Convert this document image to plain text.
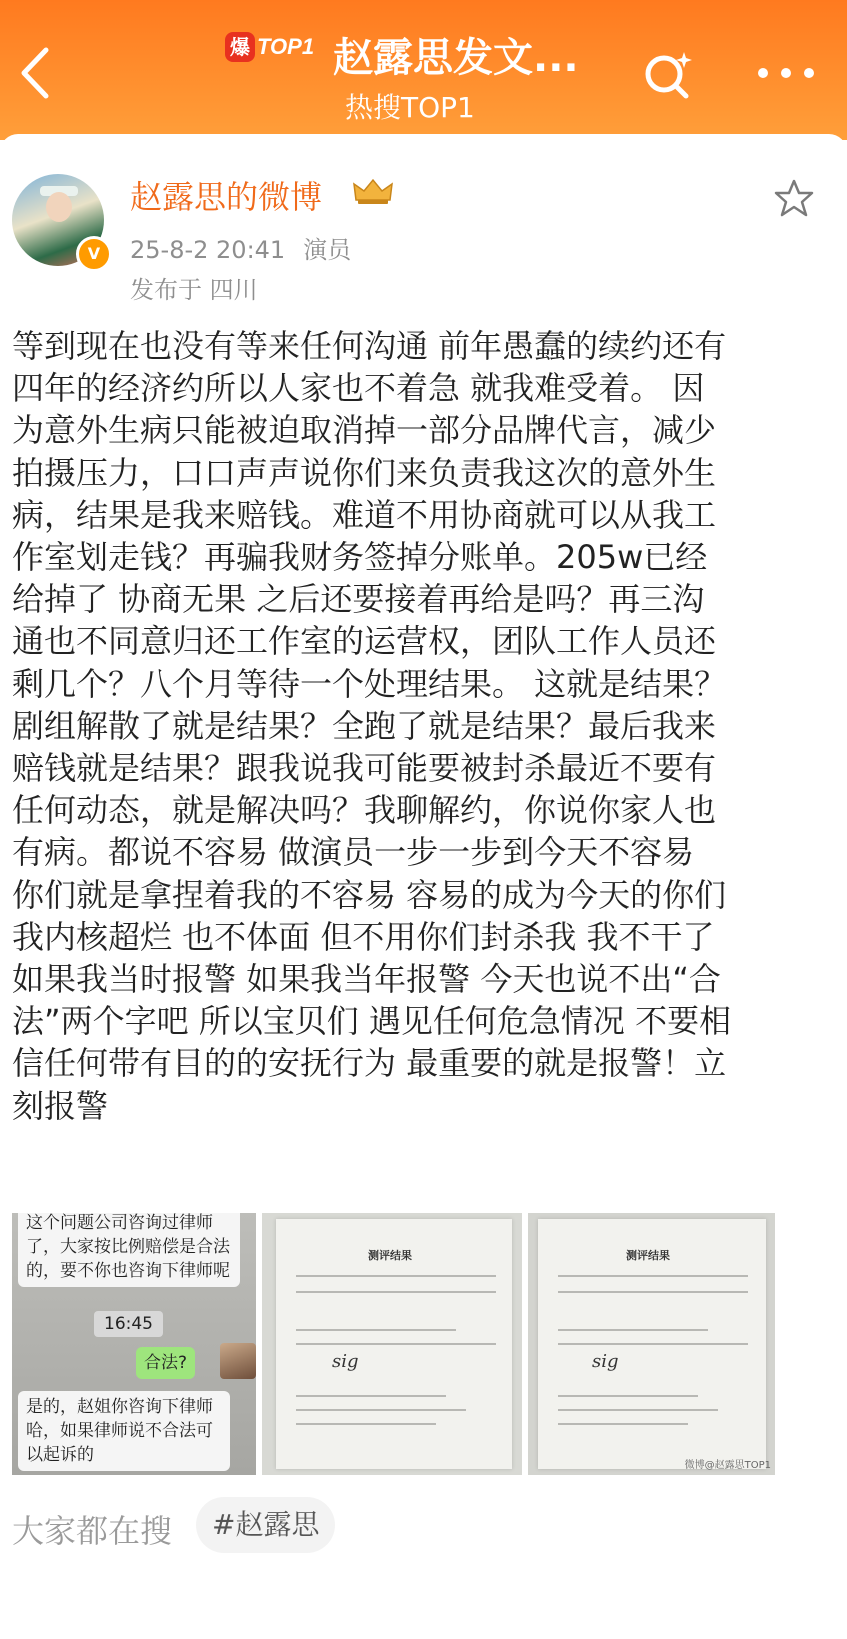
爆 TOP1 赵露思发文...
热搜TOP1
V
赵露思的微博
25-8-2 20:41 演员
发布于 四川
等到现在也没有等来任何沟通 前年愚蠢的续约还有
四年的经济约所以人家也不着急 就我难受着。 因
为意外生病只能被迫取消掉一部分品牌代言，减少
拍摄压力，口口声声说你们来负责我这次的意外生
病，结果是我来赔钱。难道不用协商就可以从我工
作室划走钱？再骗我财务签掉分账单。205w已经
给掉了 协商无果 之后还要接着再给是吗？再三沟
通也不同意归还工作室的运营权，团队工作人员还
剩几个？八个月等待一个处理结果。 这就是结果？
剧组解散了就是结果？全跑了就是结果？最后我来
赔钱就是结果？跟我说我可能要被封杀最近不要有
任何动态，就是解决吗？我聊解约，你说你家人也
有病。都说不容易 做演员一步一步到今天不容易
你们就是拿捏着我的不容易 容易的成为今天的你们
我内核超烂 也不体面 但不用你们封杀我 我不干了
如果我当时报警 如果我当年报警 今天也说不出“合
法”两个字吧 所以宝贝们 遇见任何危急情况 不要相
信任何带有目的的安抚行为 最重要的就是报警！立
刻报警
这个问题公司咨询过律师了，大家按比例赔偿是合法的，要不你也咨询下律师呢
16:45
合法?
是的，赵姐你咨询下律师哈，如果律师说不合法可以起诉的
测评结果
sig
测评结果
sig
微博@赵露思TOP1
大家都在搜	#赵露思
